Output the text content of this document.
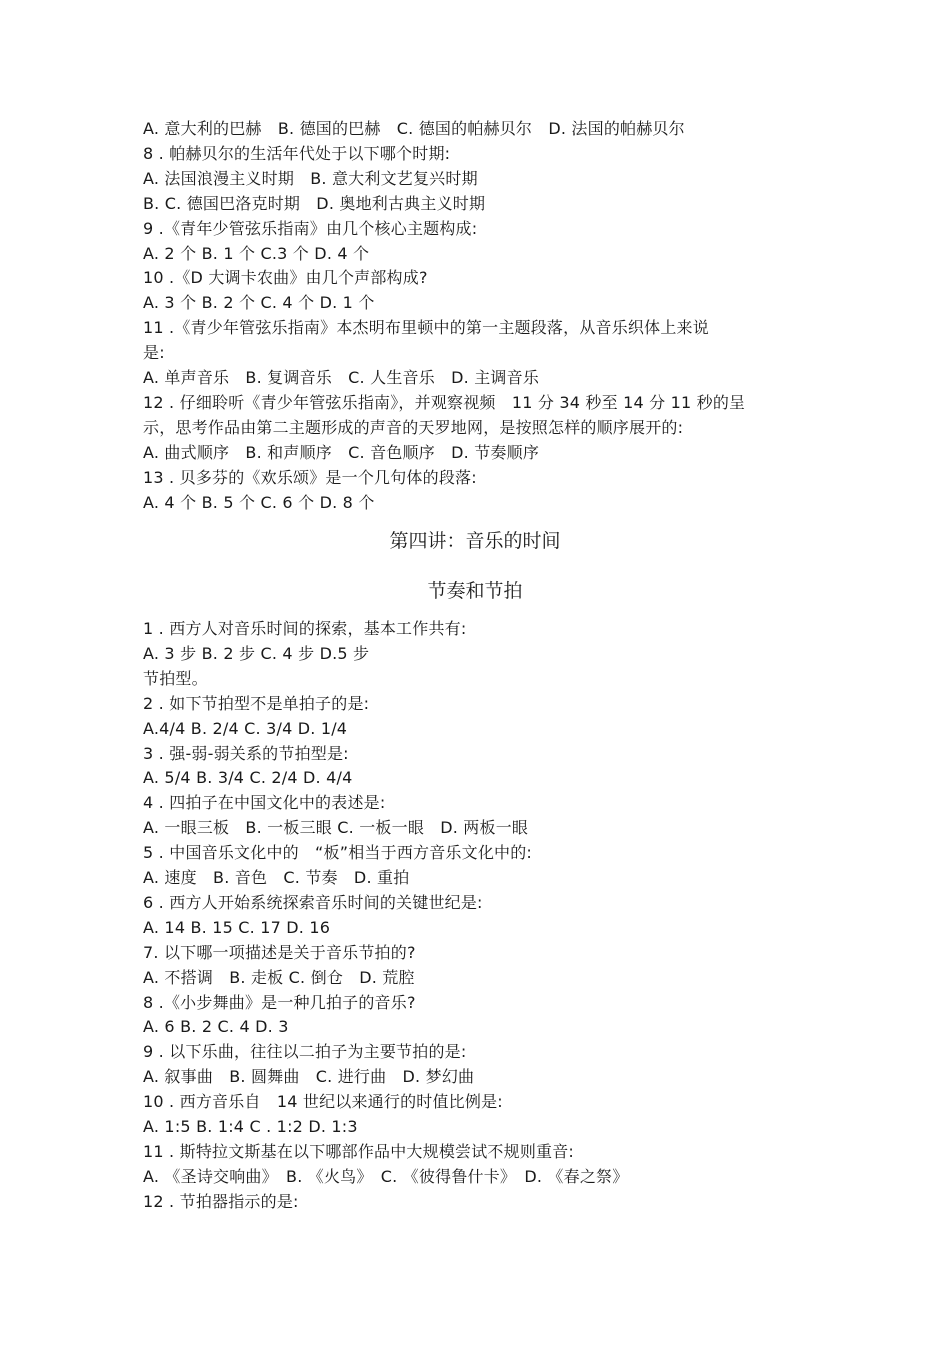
A. 意大利的巴赫　B. 德国的巴赫　C. 德国的帕赫贝尔　D. 法国的帕赫贝尔
8 . 帕赫贝尔的生活年代处于以下哪个时期:
A. 法国浪漫主义时期　B. 意大利文艺复兴时期
B. C. 德国巴洛克时期　D. 奥地利古典主义时期
9 .《青年少管弦乐指南》由几个核心主题构成:
A. 2 个 B. 1 个 C.3 个 D. 4 个
10 .《D 大调卡农曲》由几个声部构成?
A. 3 个 B. 2 个 C. 4 个 D. 1 个
11 .《青少年管弦乐指南》本杰明布里顿中的第一主题段落，从音乐织体上来说
是:
A. 单声音乐　B. 复调音乐　C. 人生音乐　D. 主调音乐
12 . 仔细聆听《青少年管弦乐指南》，并观察视频　11 分 34 秒至 14 分 11 秒的呈
示，思考作品由第二主题形成的声音的天罗地网，是按照怎样的顺序展开的:
A. 曲式顺序　B. 和声顺序　C. 音色顺序　D. 节奏顺序
13 . 贝多芬的《欢乐颂》是一个几句体的段落:
A. 4 个 B. 5 个 C. 6 个 D. 8 个
第四讲：音乐的时间
节奏和节拍
1 . 西方人对音乐时间的探索，基本工作共有:
A. 3 步 B. 2 步 C. 4 步 D.5 步
节拍型。
2 . 如下节拍型不是单拍子的是:
A.4/4 B. 2/4 C. 3/4 D. 1/4
3 . 强-弱-弱关系的节拍型是:
A. 5/4 B. 3/4 C. 2/4 D. 4/4
4 . 四拍子在中国文化中的表述是:
A. 一眼三板　B. 一板三眼 C. 一板一眼　D. 两板一眼
5 . 中国音乐文化中的　“板”相当于西方音乐文化中的:
A. 速度　B. 音色　C. 节奏　D. 重拍
6 . 西方人开始系统探索音乐时间的关键世纪是:
A. 14 B. 15 C. 17 D. 16
7. 以下哪一项描述是关于音乐节拍的?
A. 不搭调　B. 走板 C. 倒仓　D. 荒腔
8 .《小步舞曲》是一种几拍子的音乐?
A. 6 B. 2 C. 4 D. 3
9 . 以下乐曲，往往以二拍子为主要节拍的是:
A. 叙事曲　B. 圆舞曲　C. 进行曲　D. 梦幻曲
10 . 西方音乐自　14 世纪以来通行的时值比例是:
A. 1:5 B. 1:4 C . 1:2 D. 1:3
11 . 斯特拉文斯基在以下哪部作品中大规模尝试不规则重音:
A. 《圣诗交响曲》　B. 《火鸟》　C. 《彼得鲁什卡》　D. 《春之祭》
12 . 节拍器指示的是:
